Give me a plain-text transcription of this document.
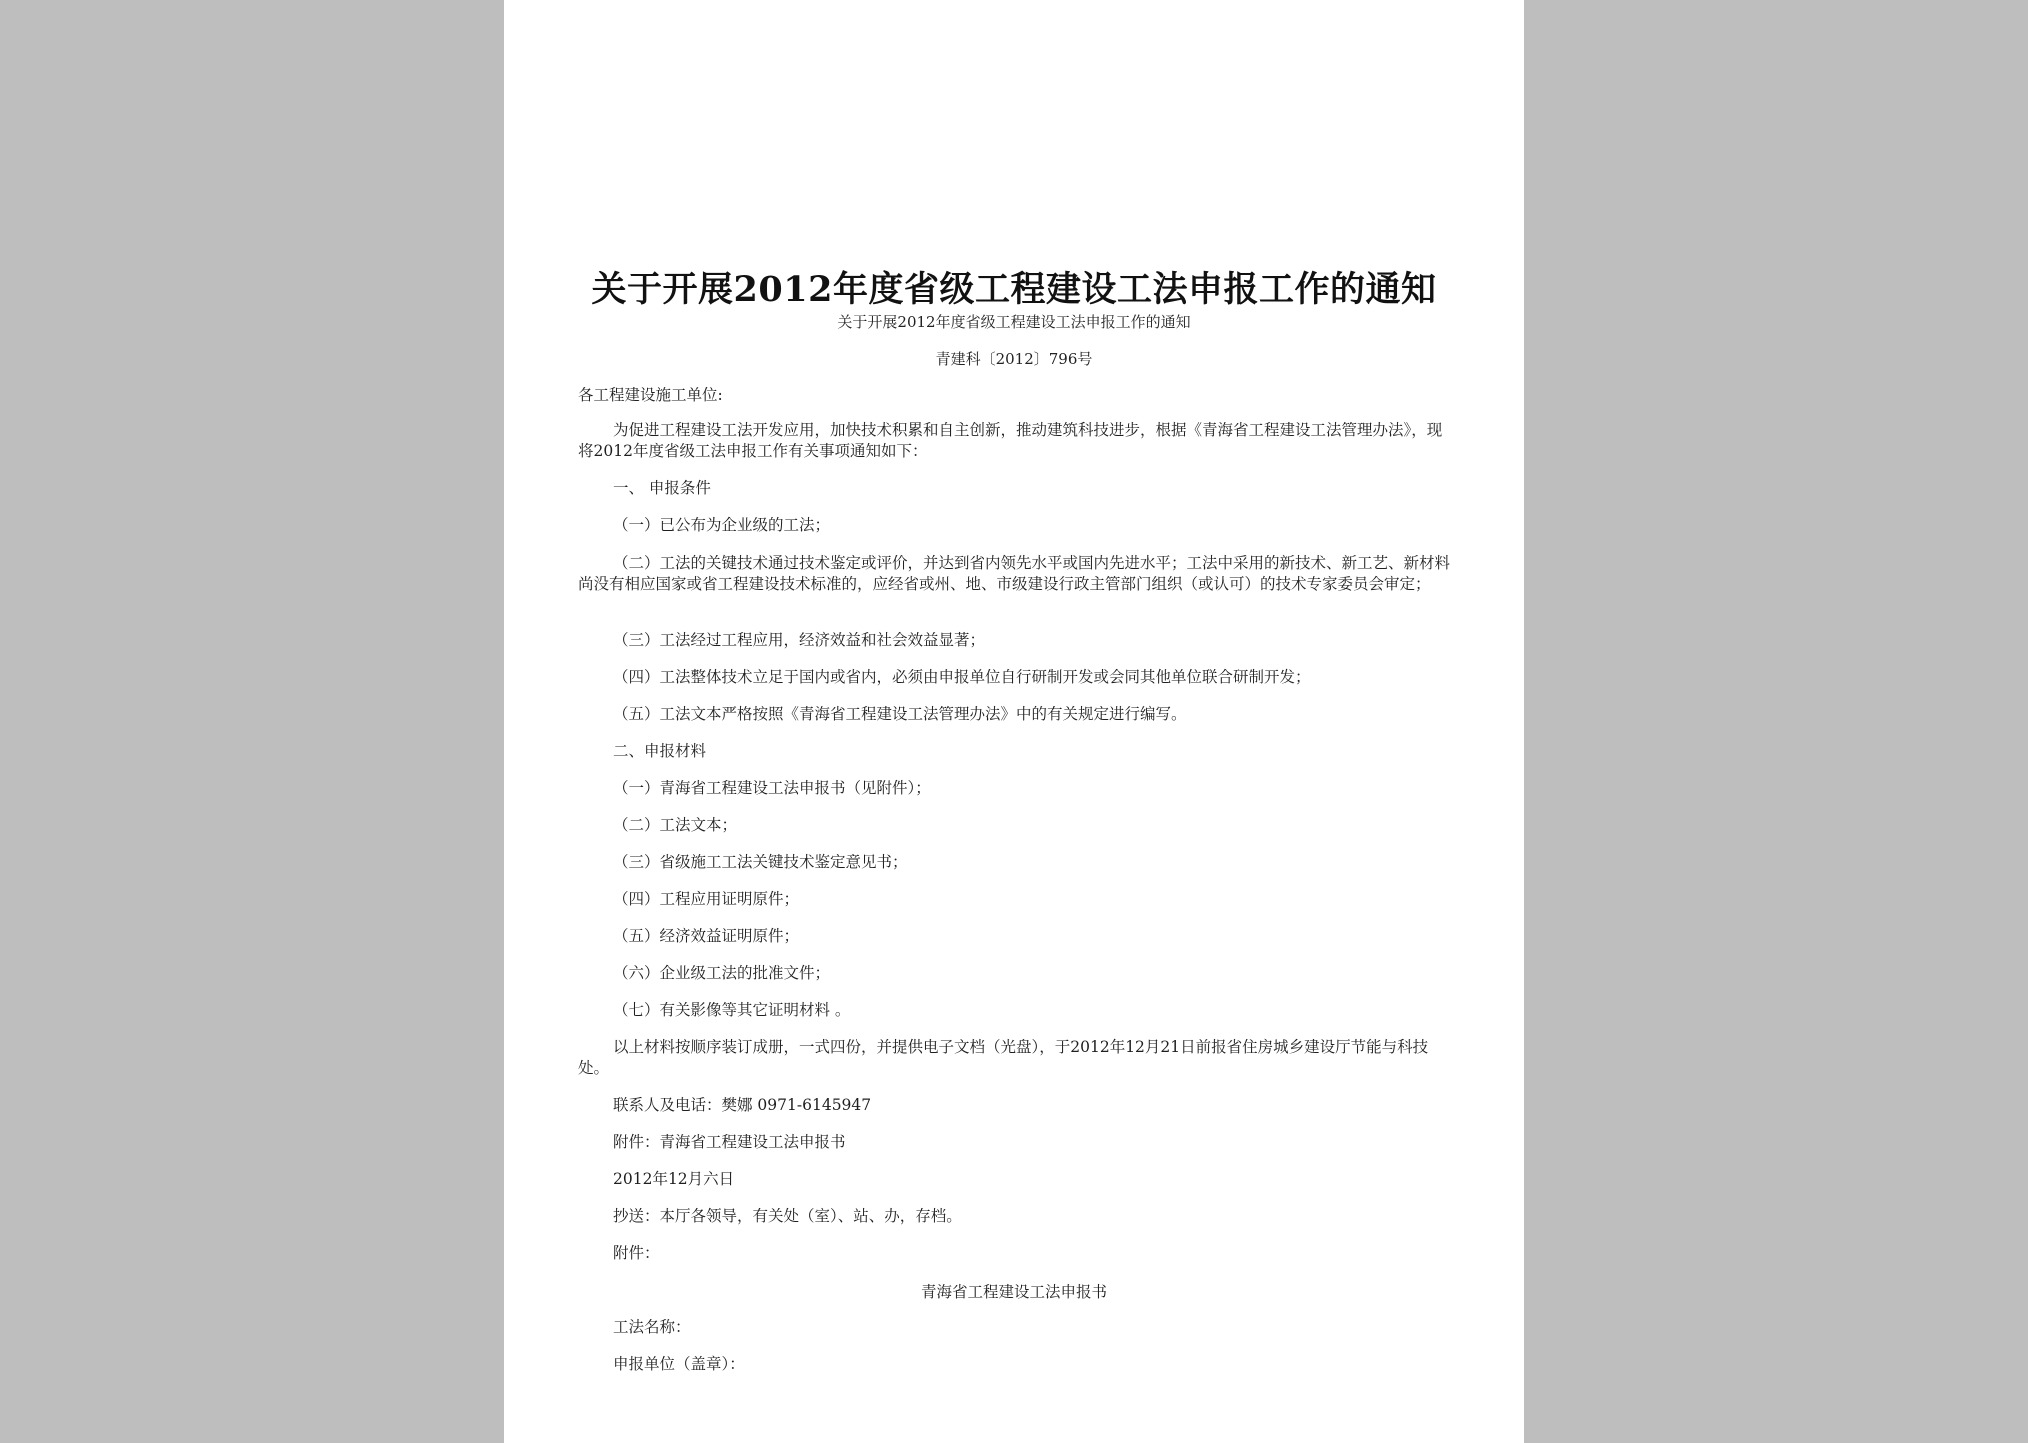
关于开展2012年度省级工程建设工法申报工作的通知
关于开展2012年度省级工程建设工法申报工作的通知
青建科〔2012〕796号
各工程建设施工单位:
为促进工程建设工法开发应用，加快技术积累和自主创新，推动建筑科技进步，根据《青海省工程建设工法管理办法》，现将2012年度省级工法申报工作有关事项通知如下：
一、 申报条件
（一）已公布为企业级的工法；
（二）工法的关键技术通过技术鉴定或评价，并达到省内领先水平或国内先进水平；工法中采用的新技术、新工艺、新材料尚没有相应国家或省工程建设技术标准的，应经省或州、地、市级建设行政主管部门组织（或认可）的技术专家委员会审定；
（三）工法经过工程应用，经济效益和社会效益显著；
（四）工法整体技术立足于国内或省内，必须由申报单位自行研制开发或会同其他单位联合研制开发；
（五）工法文本严格按照《青海省工程建设工法管理办法》中的有关规定进行编写。
二、申报材料
（一）青海省工程建设工法申报书（见附件）；
（二）工法文本；
（三）省级施工工法关键技术鉴定意见书；
（四）工程应用证明原件；
（五）经济效益证明原件；
（六）企业级工法的批准文件；
（七）有关影像等其它证明材料 。
以上材料按顺序装订成册，一式四份，并提供电子文档（光盘），于2012年12月21日前报省住房城乡建设厅节能与科技处。
联系人及电话：樊娜 0971-6145947
附件：青海省工程建设工法申报书
2012年12月六日
抄送：本厅各领导，有关处（室）、站、办，存档。
附件：
青海省工程建设工法申报书
工法名称：
申报单位（盖章）：
